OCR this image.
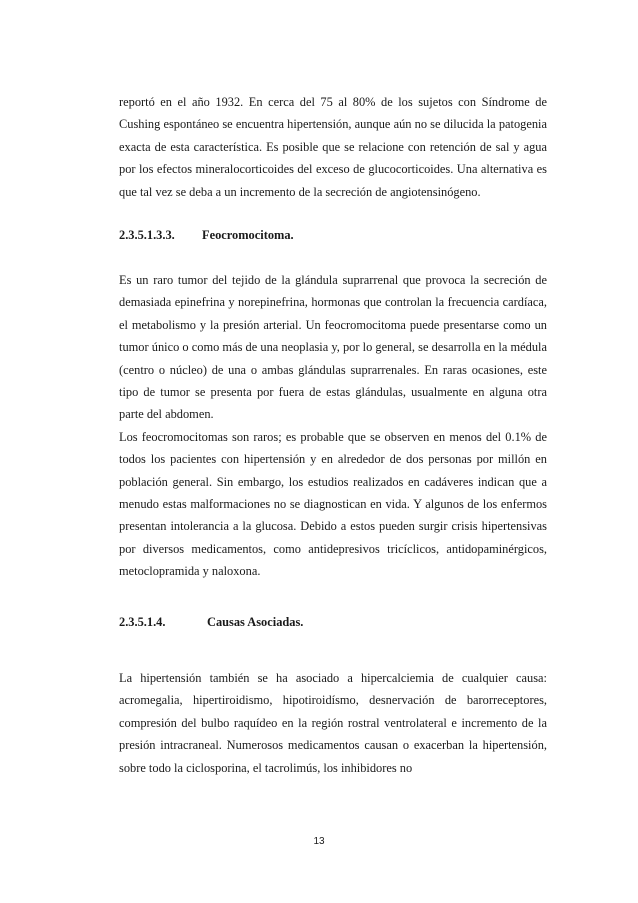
reportó en el año 1932. En cerca del 75 al 80% de los sujetos con Síndrome de Cushing espontáneo se encuentra hipertensión, aunque aún no se dilucida la patogenia exacta de esta característica. Es posible que se relacione con retención de sal y agua por los efectos mineralocorticoides del exceso de glucocorticoides. Una alternativa es que tal vez se deba a un incremento de la secreción de angiotensinógeno.

2.3.5.1.3.3. Feocromocitoma.

Es un raro tumor del tejido de la glándula suprarrenal que provoca la secreción de demasiada epinefrina y norepinefrina, hormonas que controlan la frecuencia cardíaca, el metabolismo y la presión arterial. Un feocromocitoma puede presentarse como un tumor único o como más de una neoplasia y, por lo general, se desarrolla en la médula (centro o núcleo) de una o ambas glándulas suprarrenales. En raras ocasiones, este tipo de tumor se presenta por fuera de estas glándulas, usualmente en alguna otra parte del abdomen.

Los feocromocitomas son raros; es probable que se observen en menos del 0.1% de todos los pacientes con hipertensión y en alrededor de dos personas por millón en población general. Sin embargo, los estudios realizados en cadáveres indican que a menudo estas malformaciones no se diagnostican en vida. Y algunos de los enfermos presentan intolerancia a la glucosa. Debido a estos pueden surgir crisis hipertensivas por diversos medicamentos, como antidepresivos tricíclicos, antidopaminérgicos, metoclopramida y naloxona.

2.3.5.1.4.	Causas Asociadas.

La hipertensión también se ha asociado a hipercalciemia de cualquier causa: acromegalia, hipertiroidismo, hipotiroidísmo, desnervación de barorreceptores, compresión del bulbo raquídeo en la región rostral ventrolateral e incremento de la presión intracraneal. Numerosos medicamentos causan o exacerban la hipertensión, sobre todo la ciclosporina, el tacrolimús, los inhibidores no

13
